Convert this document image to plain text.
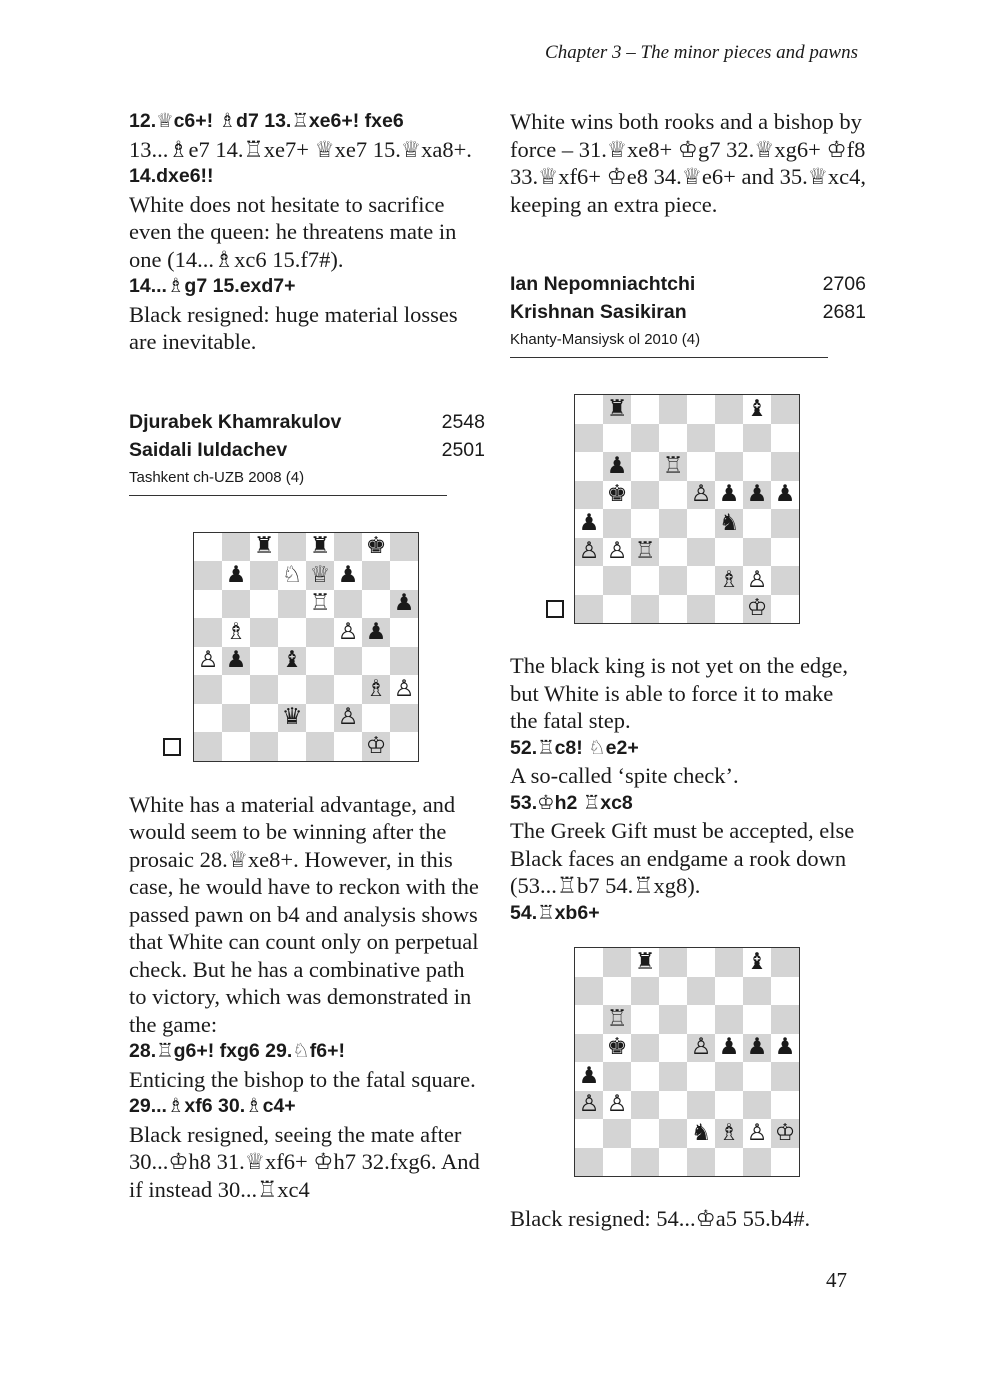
Chapter 3 – The minor pieces and pawns

12.♕c6+! ♗d7 13.♖xe6+! fxe6

13...♗e7 14.♖xe7+ ♕xe7 15.♕xa8+.

14.dxe6!!

White does not hesitate to sacrifice even the queen: he threatens mate in one (14...♗xc6 15.f7#).

14...♗g7 15.exd7+

Black resigned: huge material losses are inevitable.

Djurabek Khamrakulov	2548
Saidali Iuldachev	2501
Tashkent ch-UZB 2008 (4)
♜ ♜ ♚
♟ ♘ ♕ ♟
♖	♟
♗	♙ ♟
♙ ♟ ♝
♗ ♙
♛ ♙
♔

White has a material advantage, and would seem to be winning after the prosaic 28.♕xe8+. However, in this case, he would have to reckon with the passed pawn on b4 and analysis shows that White can count only on perpetual check. But he has a combinative path to victory, which was demonstrated in the game:

28.♖g6+! fxg6 29.♘f6+!

Enticing the bishop to the fatal square.

29...♗xf6 30.♗c4+

Black resigned, seeing the mate after 30...♔h8 31.♕xf6+ ♔h7 32.fxg6. And if instead 30...♖xc4

White wins both rooks and a bishop by force – 31.♕xe8+ ♔g7 32.♕xg6+ ♔f8 33.♕xf6+ ♔e8 34.♕e6+ and 35.♕xc4, keeping an extra piece.

Ian Nepomniachtchi	2706
Krishnan Sasikiran	2681
Khanty-Mansiysk ol 2010 (4)
♜	♝
♟ ♖
♚	♙ ♟ ♟ ♟
♟	♞
♙ ♙ ♖
♗ ♙
♔

The black king is not yet on the edge, but White is able to force it to make the fatal step.

52.♖c8! ♘e2+

A so-called ‘spite check’.

53.♔h2 ♖xc8

The Greek Gift must be accepted, else Black faces an endgame a rook down (53...♖b7 54.♖xg8).

54.♖xb6+

♜	♝
♖
♚	♙ ♟ ♟ ♟
♟
♙ ♙
♞ ♗ ♙ ♔

Black resigned: 54...♔a5 55.b4#.

47
